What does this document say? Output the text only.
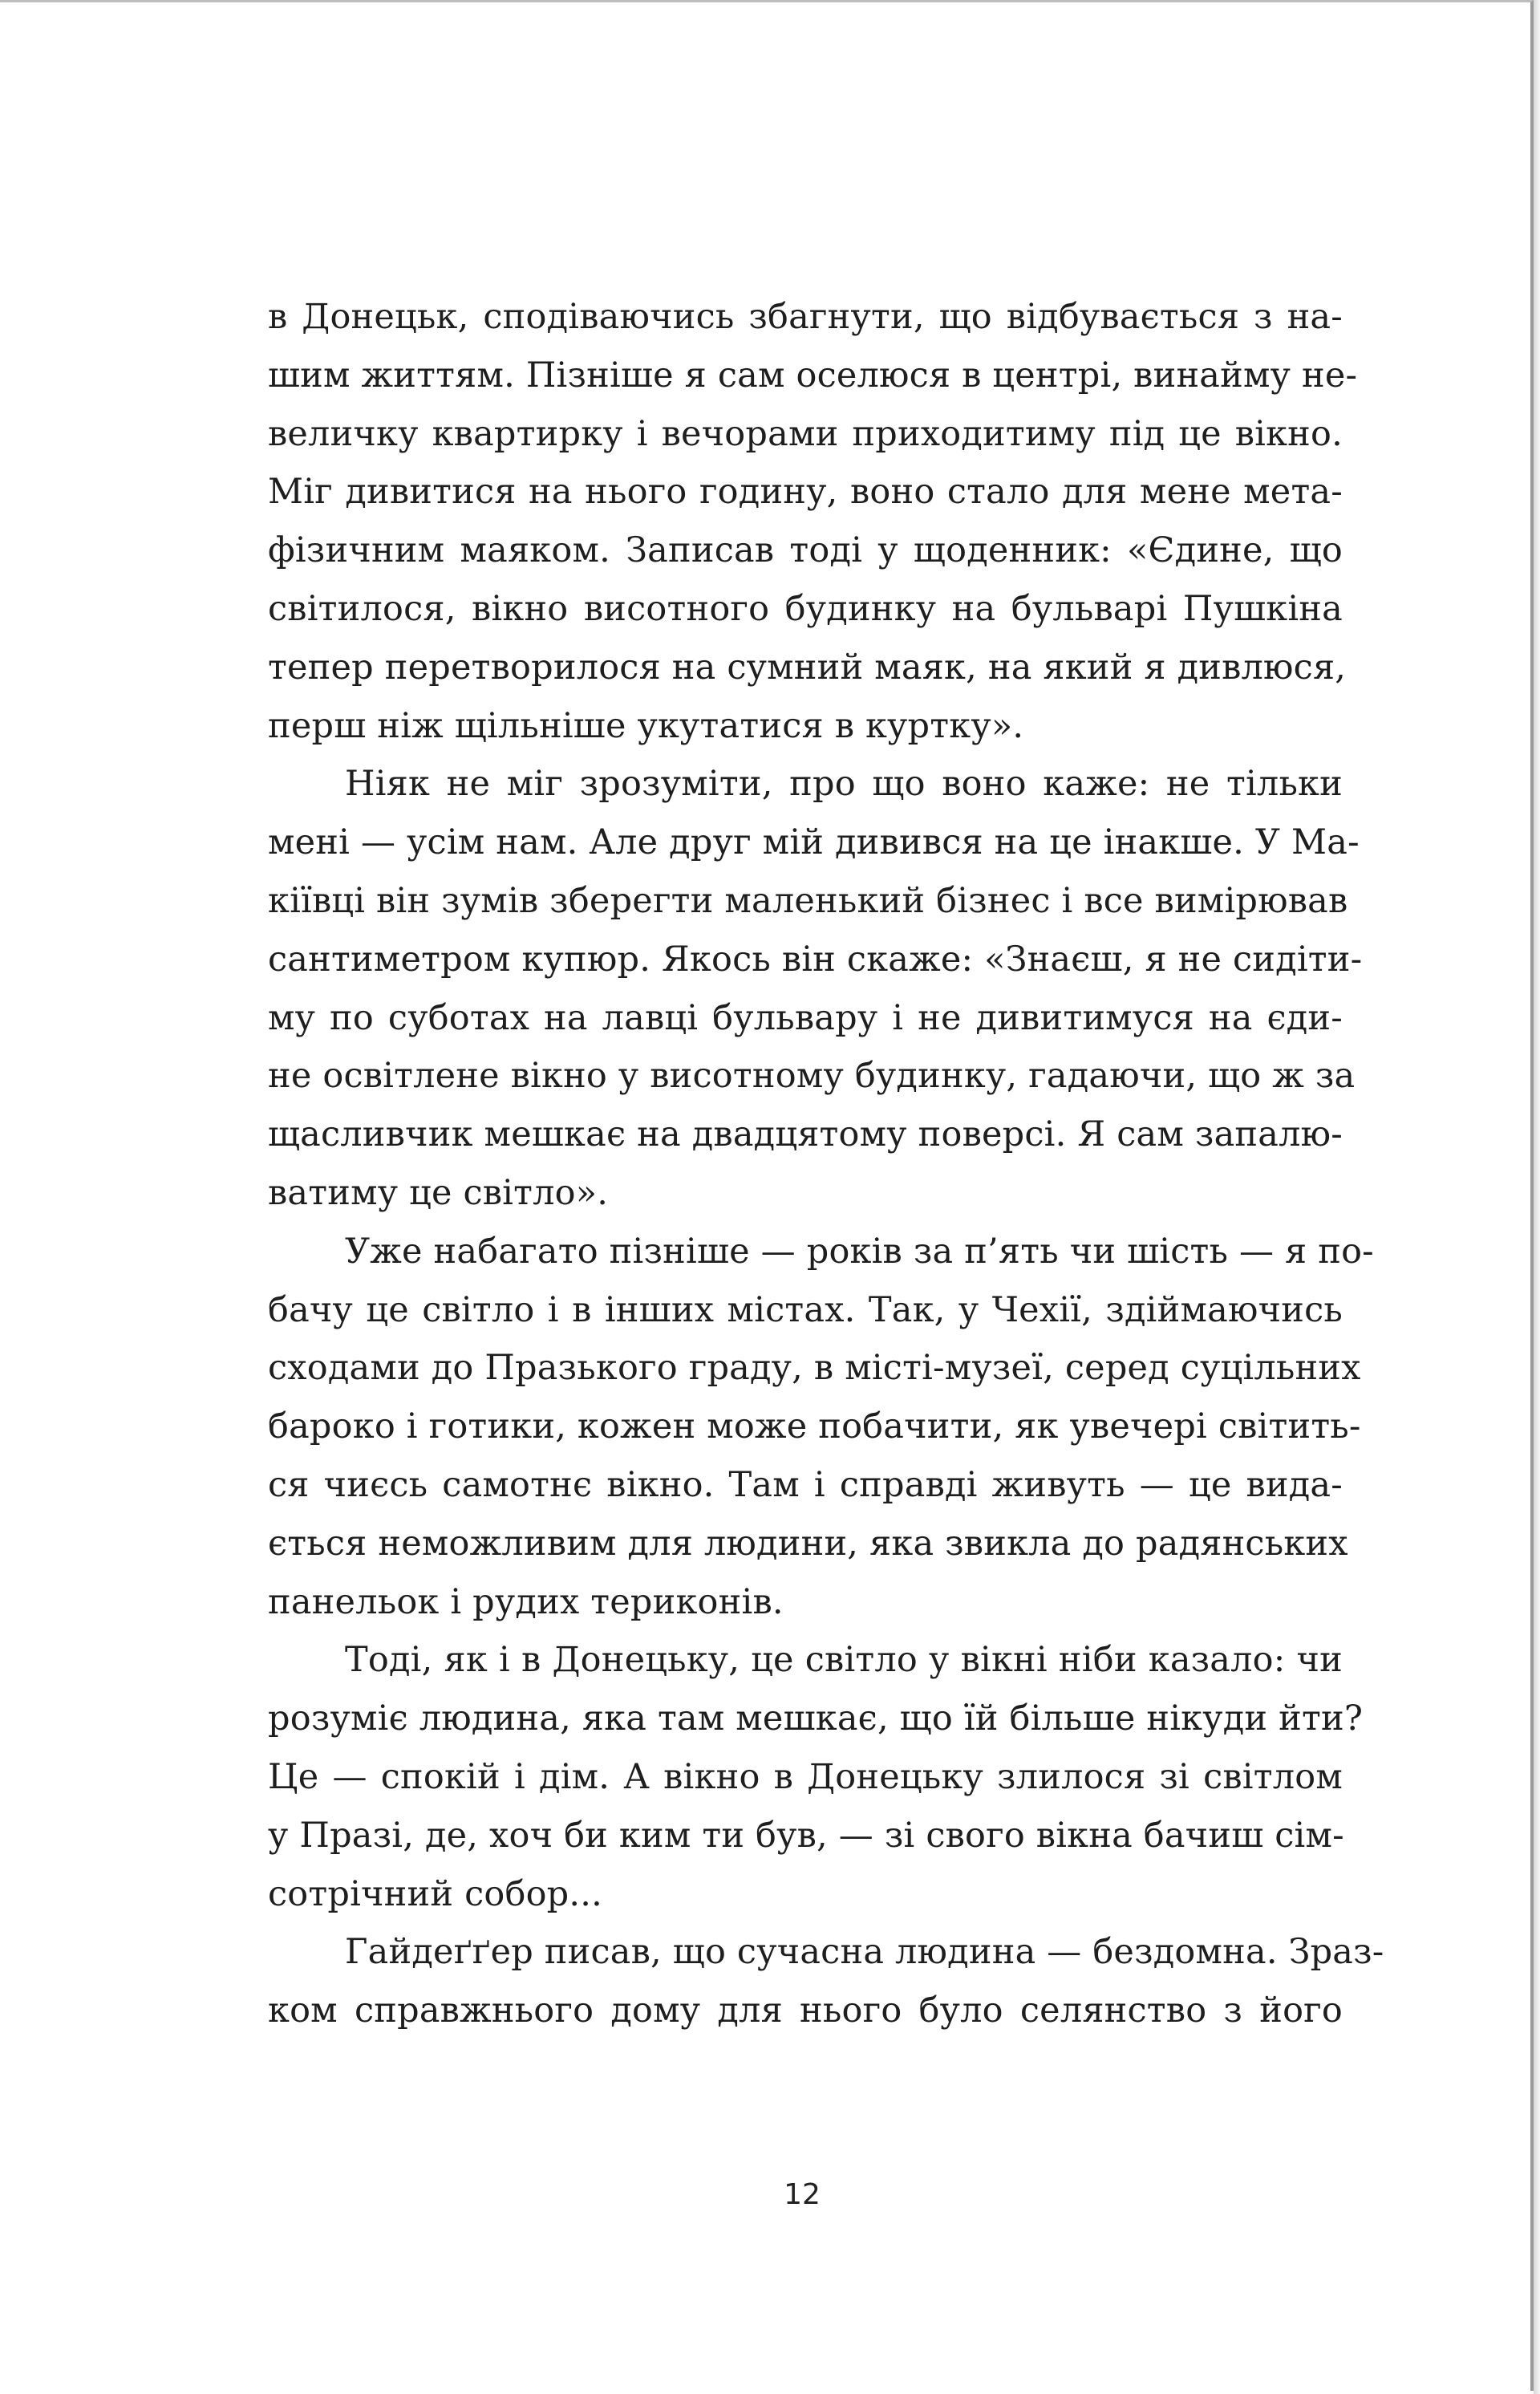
в Донецьк, сподіваючись збагнути, що відбувається з на-
шим життям. Пізніше я сам оселюся в центрі, винайму не-
величку квартирку і вечорами приходитиму під це вікно.
Міг дивитися на нього годину, воно стало для мене мета-
фізичним маяком. Записав тоді у щоденник: «Єдине, що
світилося, вікно висотного будинку на бульварі Пушкіна
тепер перетворилося на сумний маяк, на який я дивлюся,
перш ніж щільніше укутатися в куртку».
Ніяк не міг зрозуміти, про що воно каже: не тільки
мені — усім нам. Але друг мій дивився на це інакше. У Ма-
кіївці він зумів зберегти маленький бізнес і все вимірював
сантиметром купюр. Якось він скаже: «Знаєш, я не сидіти-
му по суботах на лавці бульвару і не дивитимуся на єди-
не освітлене вікно у висотному будинку, гадаючи, що ж за
щасливчик мешкає на двадцятому поверсі. Я сам запалю-
ватиму це світло».
Уже набагато пізніше — років за п’ять чи шість — я по-
бачу це світло і в інших містах. Так, у Чехії, здіймаючись
сходами до Празького граду, в місті-музеї, серед суцільних
бароко і готики, кожен може побачити, як увечері світить-
ся чиєсь самотнє вікно. Там і справді живуть — це вида-
ється неможливим для людини, яка звикла до радянських
панельок і рудих териконів.
Тоді, як і в Донецьку, це світло у вікні ніби казало: чи
розуміє людина, яка там мешкає, що їй більше нікуди йти?
Це — спокій і дім. А вікно в Донецьку злилося зі світлом
у Празі, де, хоч би ким ти був, — зі свого вікна бачиш сім-
сотрічний собор...
Гайдеґґер писав, що сучасна людина — бездомна. Зраз-
ком справжнього дому для нього було селянство з його
12
